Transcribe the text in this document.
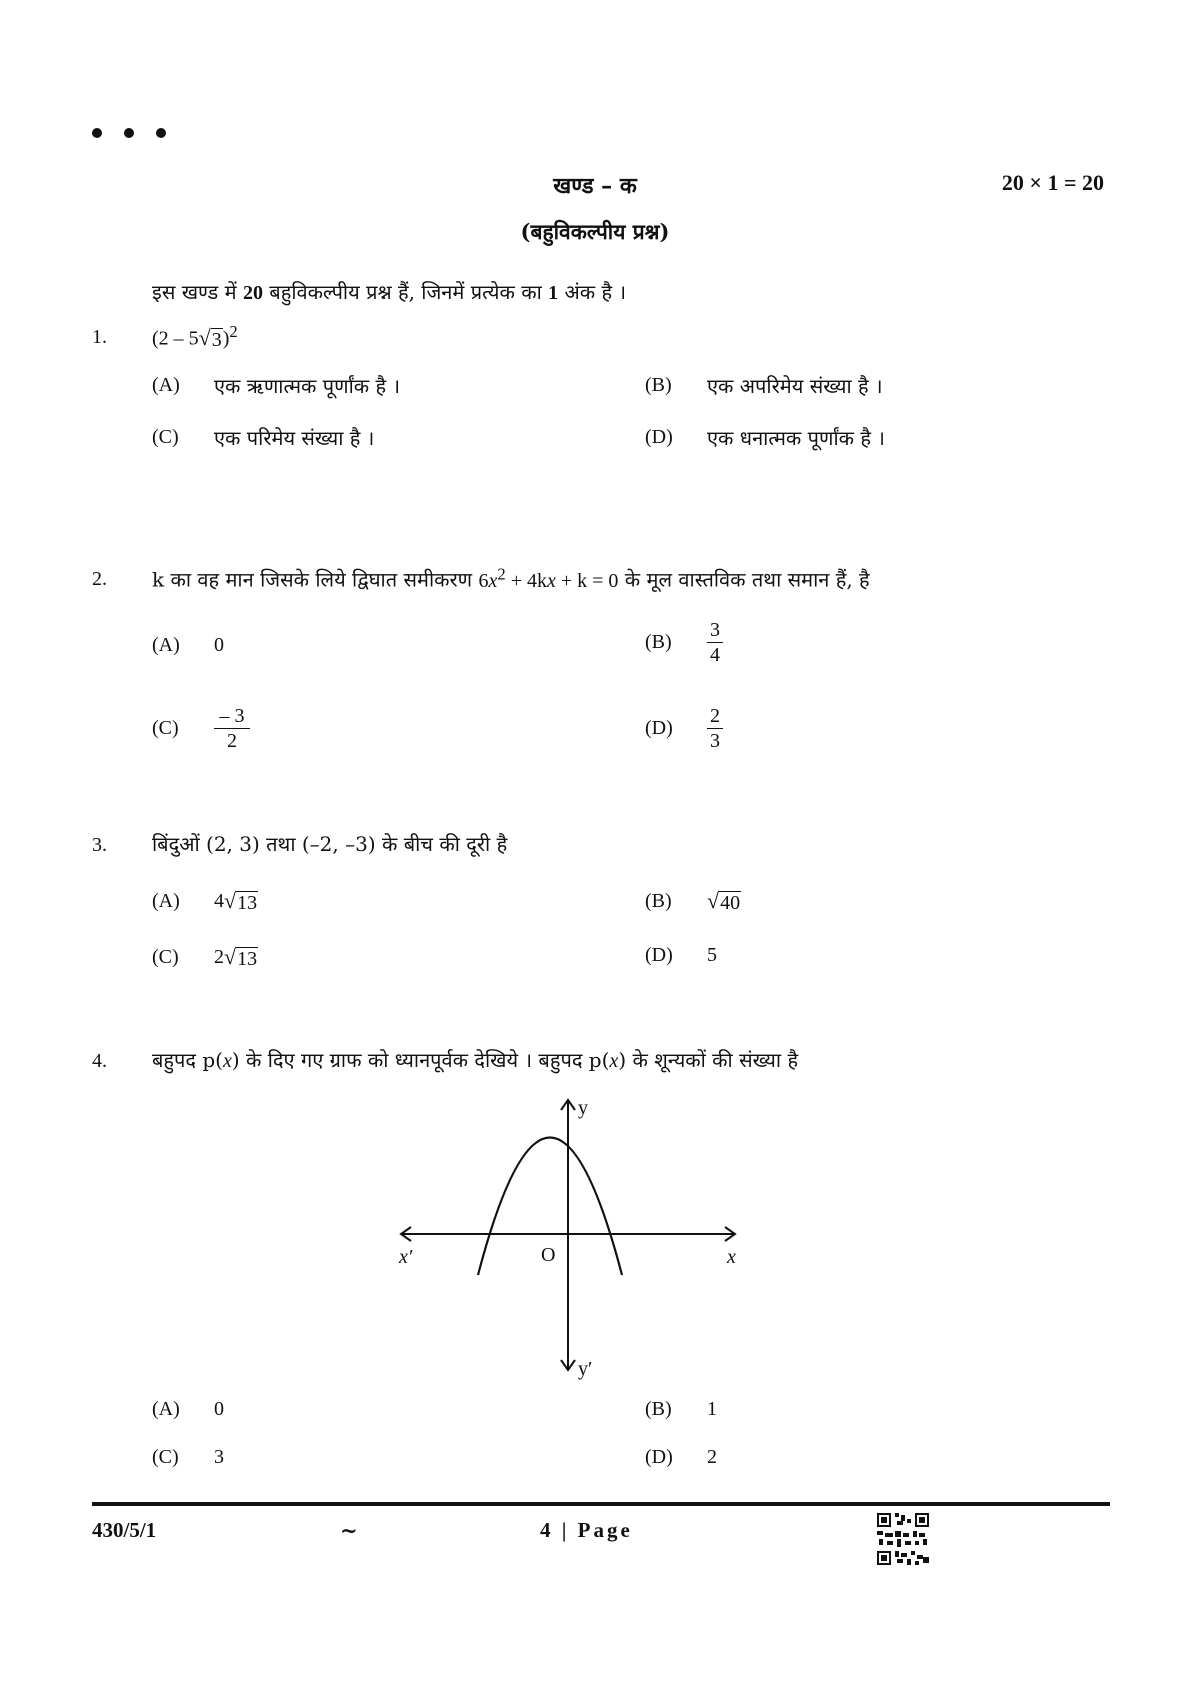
खण्ड – क	20 × 1 = 20
(बहुविकल्पीय प्रश्न)
इस खण्ड में 20 बहुविकल्पीय प्रश्न हैं, जिनमें प्रत्येक का 1 अंक है ।
1. (2 – 5 √ 3 )$^2$
(A)	एक ऋणात्मक पूर्णांक है ।	(B)	एक अपरिमेय संख्या है ।
(C)	एक परिमेय संख्या है ।	(D)	एक धनात्मक पूर्णांक है ।
2. k का वह मान जिसके लिये द्विघात समीकरण $6x^2 + 4kx + k = 0$ के मूल वास्तविक तथा समान हैं, है
(A)	0	(B)	$\frac{3}{4}$
(C)	$\frac{- 3}{2}$	(D)	$\frac{2}{3}$
3. बिंदुओं (2, 3) तथा (–2, –3) के बीच की दूरी है
(A)	4 √ 13	(B)	√ 40
(C)	2 √ 13	(D)	5
4. बहुपद p(x) के दिए गए ग्राफ को ध्यानपूर्वक देखिये । बहुपद p(x) के शून्यकों की संख्या है
y
y′
x
x′	O
(A)	0	(B)	1
(C)	3	(D)	2
430/5/1	~	4 | Page
